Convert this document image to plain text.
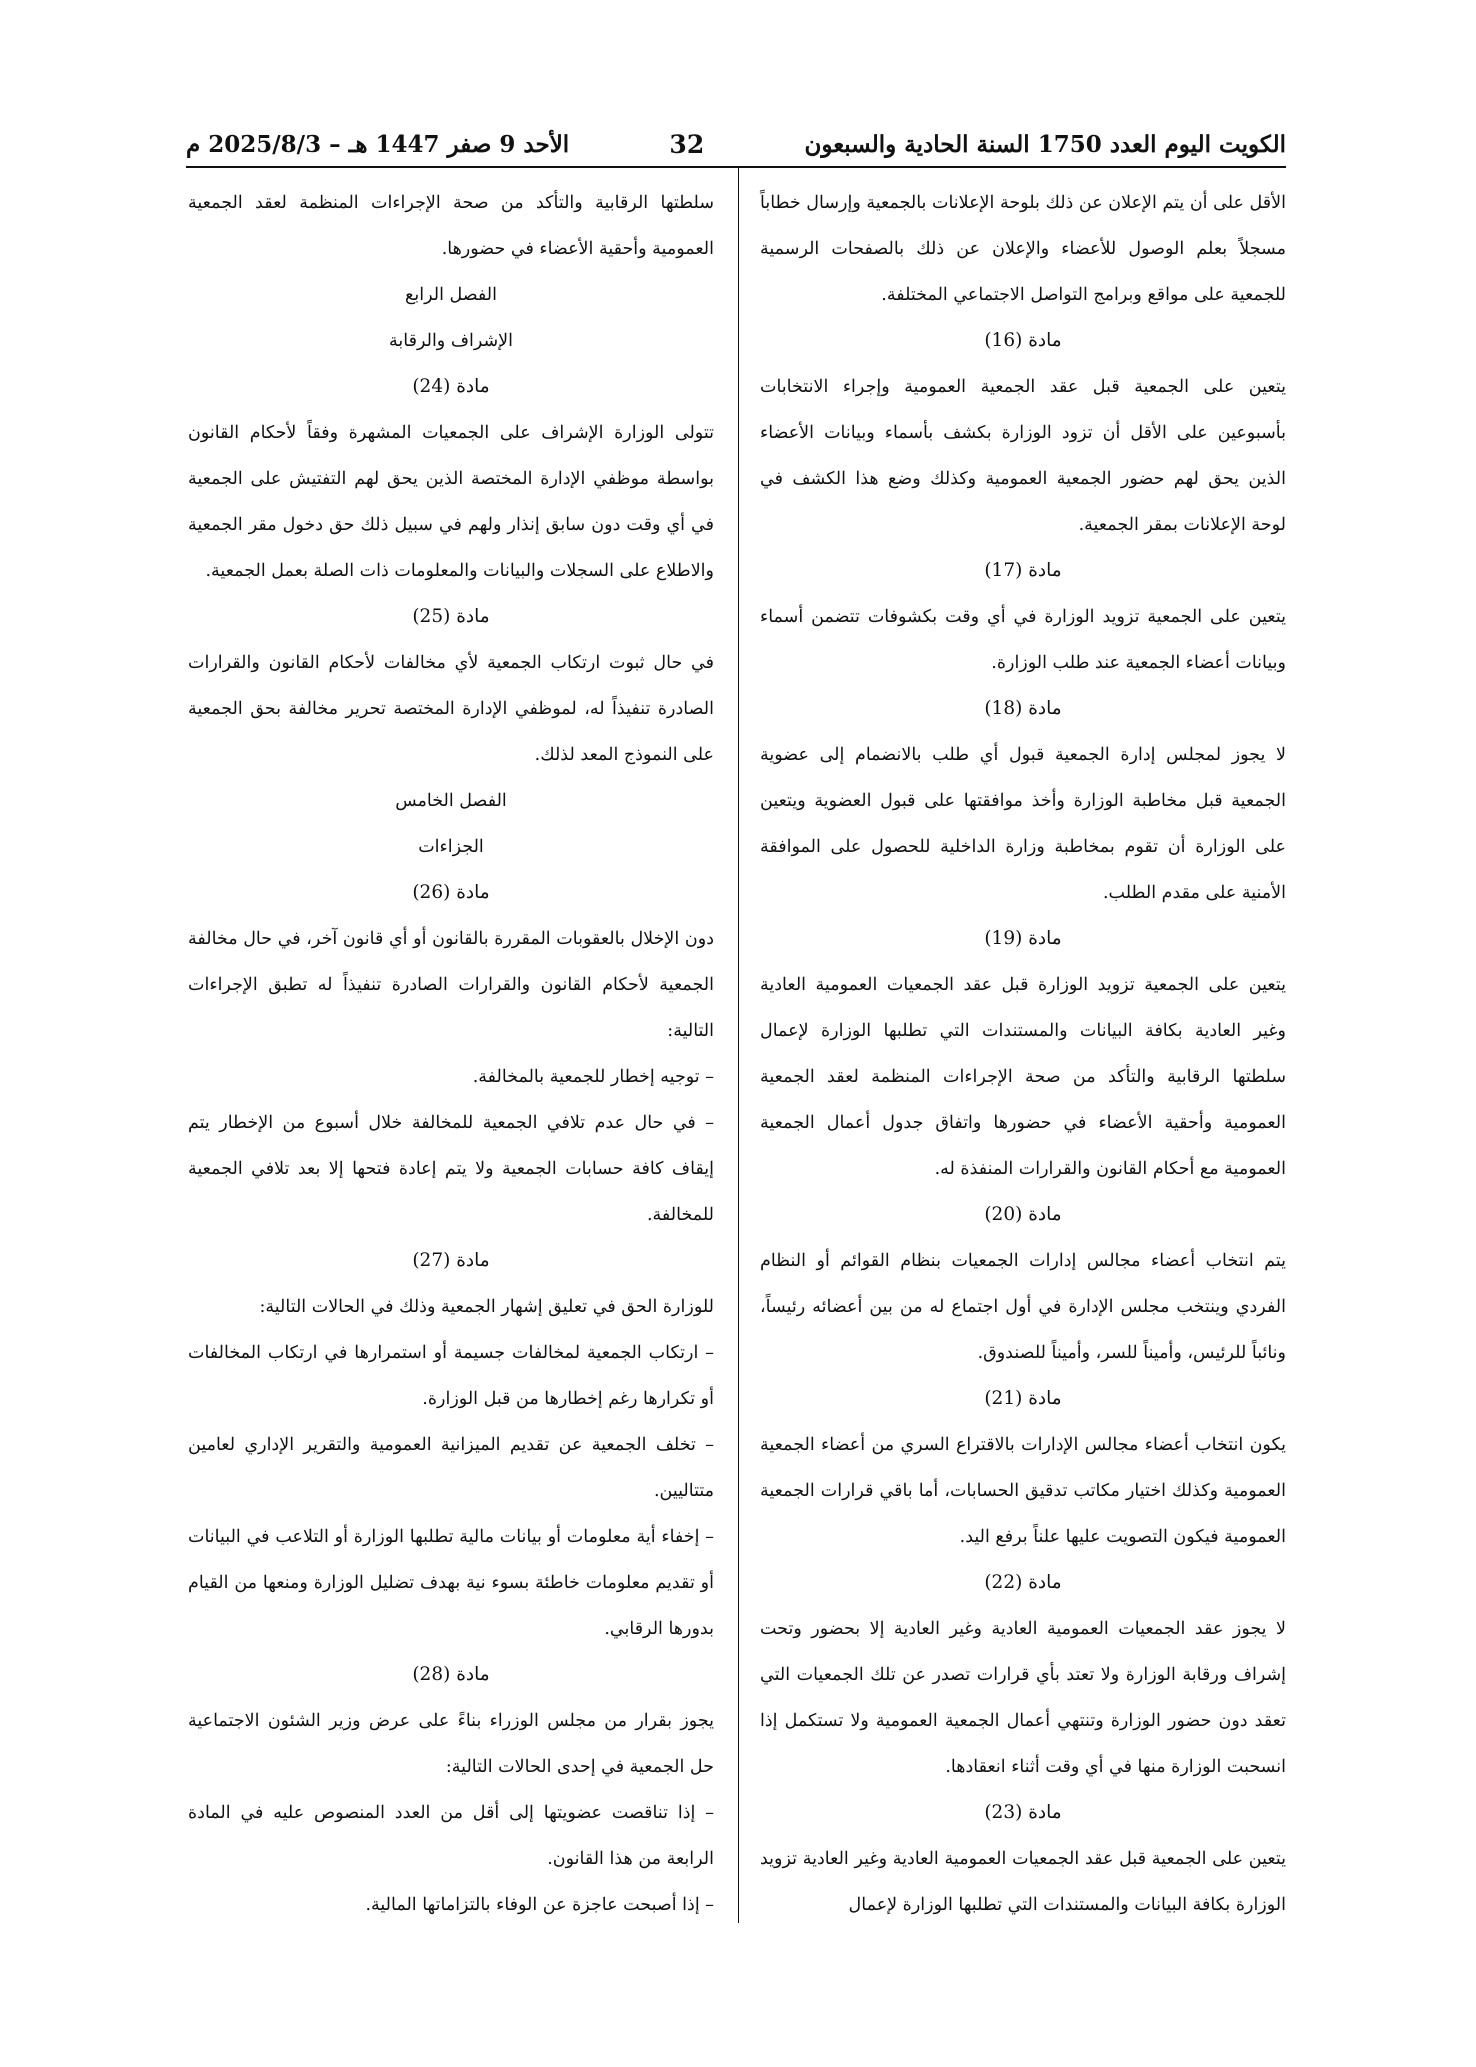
الكويت اليوم العدد 1750 السنة الحادية والسبعون
32
الأحد 9 صفر 1447 هـ – 2025/8/3 م

الأقل على أن يتم الإعلان عن ذلك بلوحة الإعلانات بالجمعية وإرسال خطاباً مسجلاً بعلم الوصول للأعضاء والإعلان عن ذلك بالصفحات الرسمية للجمعية على مواقع وبرامج التواصل الاجتماعي المختلفة.

مادة (16)

يتعين على الجمعية قبل عقد الجمعية العمومية وإجراء الانتخابات بأسبوعين على الأقل أن تزود الوزارة بكشف بأسماء وبيانات الأعضاء الذين يحق لهم حضور الجمعية العمومية وكذلك وضع هذا الكشف في لوحة الإعلانات بمقر الجمعية.

مادة (17)

يتعين على الجمعية تزويد الوزارة في أي وقت بكشوفات تتضمن أسماء وبيانات أعضاء الجمعية عند طلب الوزارة.

مادة (18)

لا يجوز لمجلس إدارة الجمعية قبول أي طلب بالانضمام إلى عضوية الجمعية قبل مخاطبة الوزارة وأخذ موافقتها على قبول العضوية ويتعين على الوزارة أن تقوم بمخاطبة وزارة الداخلية للحصول على الموافقة الأمنية على مقدم الطلب.

مادة (19)

يتعين على الجمعية تزويد الوزارة قبل عقد الجمعيات العمومية العادية وغير العادية بكافة البيانات والمستندات التي تطلبها الوزارة لإعمال سلطتها الرقابية والتأكد من صحة الإجراءات المنظمة لعقد الجمعية العمومية وأحقية الأعضاء في حضورها واتفاق جدول أعمال الجمعية العمومية مع أحكام القانون والقرارات المنفذة له.

مادة (20)

يتم انتخاب أعضاء مجالس إدارات الجمعيات بنظام القوائم أو النظام الفردي وينتخب مجلس الإدارة في أول اجتماع له من بين أعضائه رئيساً، ونائباً للرئيس، وأميناً للسر، وأميناً للصندوق.

مادة (21)

يكون انتخاب أعضاء مجالس الإدارات بالاقتراع السري من أعضاء الجمعية العمومية وكذلك اختيار مكاتب تدقيق الحسابات، أما باقي قرارات الجمعية العمومية فيكون التصويت عليها علناً برفع اليد.

مادة (22)

لا يجوز عقد الجمعيات العمومية العادية وغير العادية إلا بحضور وتحت إشراف ورقابة الوزارة ولا تعتد بأي قرارات تصدر عن تلك الجمعيات التي تعقد دون حضور الوزارة وتنتهي أعمال الجمعية العمومية ولا تستكمل إذا انسحبت الوزارة منها في أي وقت أثناء انعقادها.

مادة (23)

يتعين على الجمعية قبل عقد الجمعيات العمومية العادية وغير العادية تزويد الوزارة بكافة البيانات والمستندات التي تطلبها الوزارة لإعمال

سلطتها الرقابية والتأكد من صحة الإجراءات المنظمة لعقد الجمعية العمومية وأحقية الأعضاء في حضورها.

الفصل الرابع

الإشراف والرقابة

مادة (24)

تتولى الوزارة الإشراف على الجمعيات المشهرة وفقاً لأحكام القانون بواسطة موظفي الإدارة المختصة الذين يحق لهم التفتيش على الجمعية في أي وقت دون سابق إنذار ولهم في سبيل ذلك حق دخول مقر الجمعية والاطلاع على السجلات والبيانات والمعلومات ذات الصلة بعمل الجمعية.

مادة (25)

في حال ثبوت ارتكاب الجمعية لأي مخالفات لأحكام القانون والقرارات الصادرة تنفيذاً له، لموظفي الإدارة المختصة تحرير مخالفة بحق الجمعية على النموذج المعد لذلك.

الفصل الخامس

الجزاءات

مادة (26)

دون الإخلال بالعقوبات المقررة بالقانون أو أي قانون آخر، في حال مخالفة الجمعية لأحكام القانون والقرارات الصادرة تنفيذاً له تطبق الإجراءات التالية:

– توجيه إخطار للجمعية بالمخالفة.

– في حال عدم تلافي الجمعية للمخالفة خلال أسبوع من الإخطار يتم إيقاف كافة حسابات الجمعية ولا يتم إعادة فتحها إلا بعد تلافي الجمعية للمخالفة.

مادة (27)

للوزارة الحق في تعليق إشهار الجمعية وذلك في الحالات التالية:

– ارتكاب الجمعية لمخالفات جسيمة أو استمرارها في ارتكاب المخالفات أو تكرارها رغم إخطارها من قبل الوزارة.

– تخلف الجمعية عن تقديم الميزانية العمومية والتقرير الإداري لعامين متتاليين.

– إخفاء أية معلومات أو بيانات مالية تطلبها الوزارة أو التلاعب في البيانات أو تقديم معلومات خاطئة بسوء نية بهدف تضليل الوزارة ومنعها من القيام بدورها الرقابي.

مادة (28)

يجوز بقرار من مجلس الوزراء بناءً على عرض وزير الشئون الاجتماعية حل الجمعية في إحدى الحالات التالية:

– إذا تناقصت عضويتها إلى أقل من العدد المنصوص عليه في المادة الرابعة من هذا القانون.

– إذا أصبحت عاجزة عن الوفاء بالتزاماتها المالية.
